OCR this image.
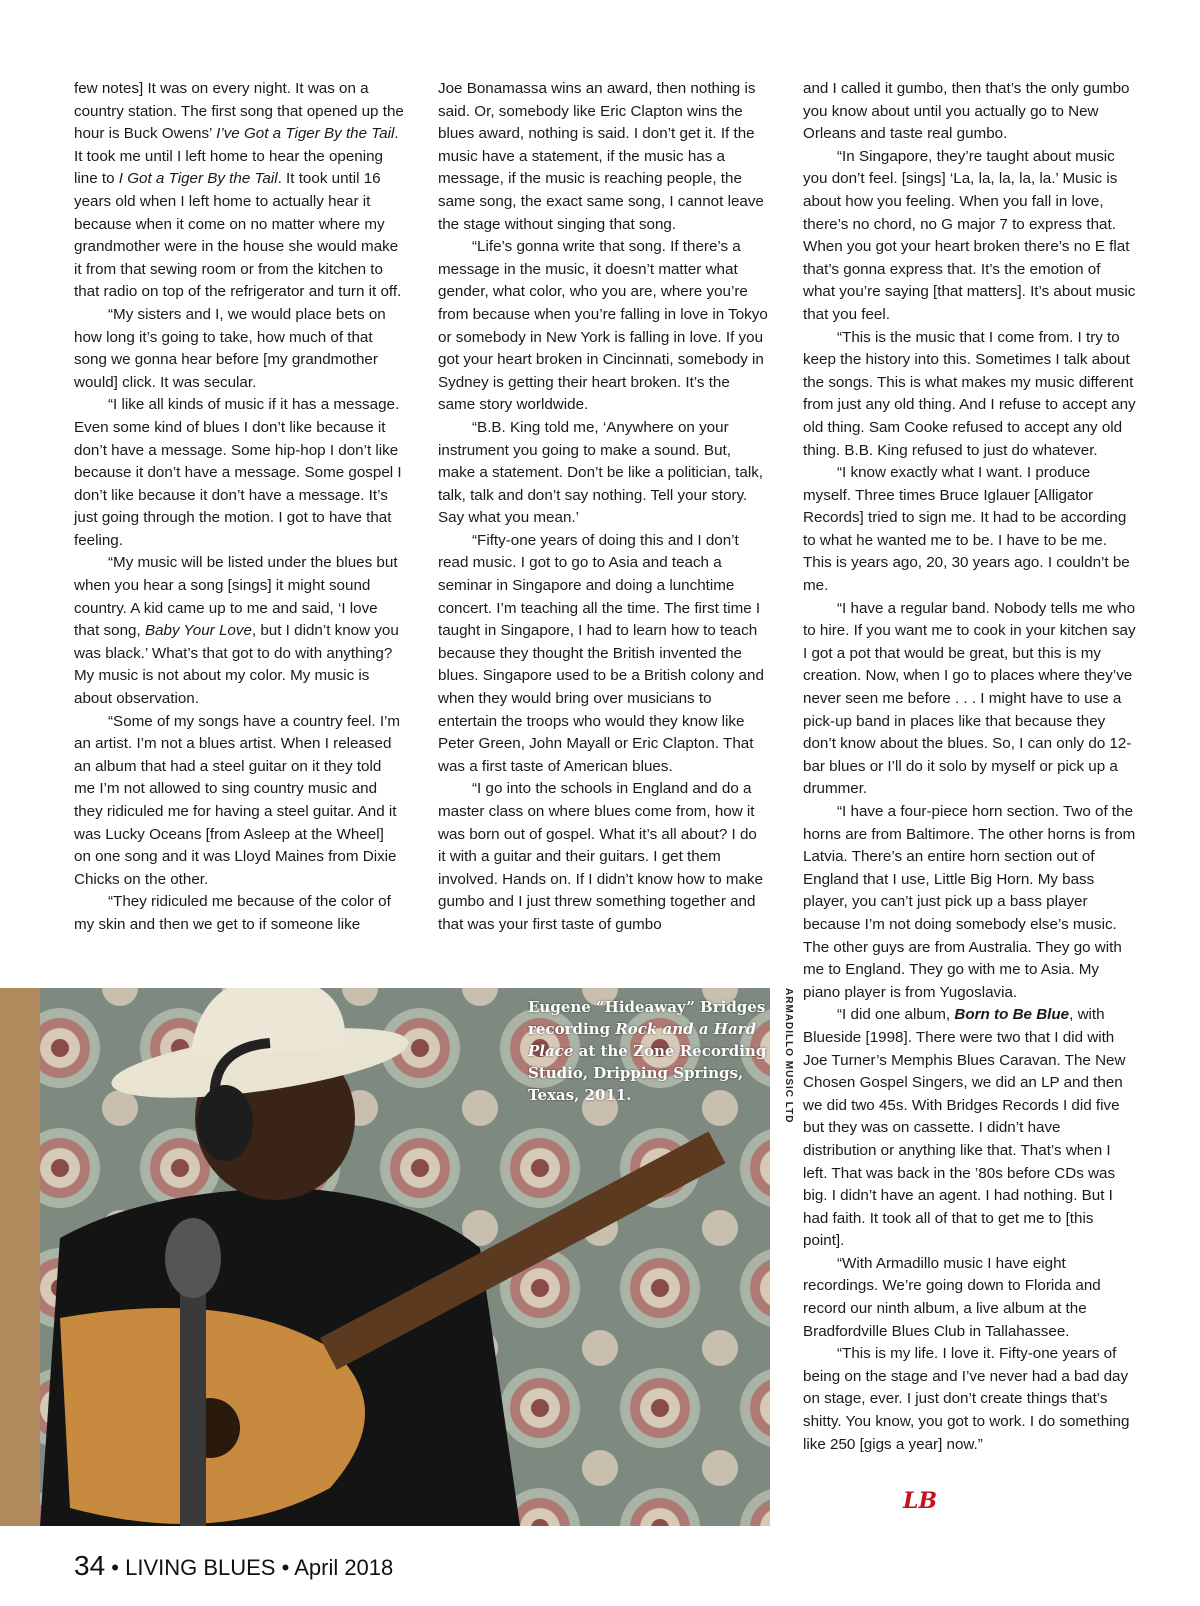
few notes] It was on every night. It was on a country station. The first song that opened up the hour is Buck Owens’ I’ve Got a Tiger By the Tail. It took me until I left home to hear the opening line to I Got a Tiger By the Tail. It took until 16 years old when I left home to actually hear it because when it come on no matter where my grandmother were in the house she would make it from that sewing room or from the kitchen to that radio on top of the refrigerator and turn it off.

“My sisters and I, we would place bets on how long it’s going to take, how much of that song we gonna hear before [my grandmother would] click. It was secular.

“I like all kinds of music if it has a message. Even some kind of blues I don’t like because it don’t have a message. Some hip-hop I don’t like because it don’t have a message. Some gospel I don’t like because it don’t have a message. It’s just going through the motion. I got to have that feeling.

“My music will be listed under the blues but when you hear a song [sings] it might sound country. A kid came up to me and said, ‘I love that song, Baby Your Love, but I didn’t know you was black.’ What’s that got to do with anything? My music is not about my color. My music is about observation.

“Some of my songs have a country feel. I’m an artist. I’m not a blues artist. When I released an album that had a steel guitar on it they told me I’m not allowed to sing country music and they ridiculed me for having a steel guitar. And it was Lucky Oceans [from Asleep at the Wheel] on one song and it was Lloyd Maines from Dixie Chicks on the other.

“They ridiculed me because of the color of my skin and then we get to if someone like

Joe Bonamassa wins an award, then nothing is said. Or, somebody like Eric Clapton wins the blues award, nothing is said. I don’t get it. If the music have a statement, if the music has a message, if the music is reaching people, the same song, the exact same song, I cannot leave the stage without singing that song.

“Life’s gonna write that song. If there’s a message in the music, it doesn’t matter what gender, what color, who you are, where you’re from because when you’re falling in love in Tokyo or somebody in New York is falling in love. If you got your heart broken in Cincinnati, somebody in Sydney is getting their heart broken. It’s the same story worldwide.

“B.B. King told me, ‘Anywhere on your instrument you going to make a sound. But, make a statement. Don’t be like a politician, talk, talk, talk and don’t say nothing. Tell your story. Say what you mean.’

“Fifty-one years of doing this and I don’t read music. I got to go to Asia and teach a seminar in Singapore and doing a lunchtime concert. I’m teaching all the time. The first time I taught in Singapore, I had to learn how to teach because they thought the British invented the blues. Singapore used to be a British colony and when they would bring over musicians to entertain the troops who would they know like Peter Green, John Mayall or Eric Clapton. That was a first taste of American blues.

“I go into the schools in England and do a master class on where blues come from, how it was born out of gospel. What it’s all about? I do it with a guitar and their guitars. I get them involved. Hands on. If I didn’t know how to make gumbo and I just threw something together and that was your first taste of gumbo

and I called it gumbo, then that’s the only gumbo you know about until you actually go to New Orleans and taste real gumbo.

“In Singapore, they’re taught about music you don’t feel. [sings] ‘La, la, la, la, la.’ Music is about how you feeling. When you fall in love, there’s no chord, no G major 7 to express that. When you got your heart broken there’s no E flat that’s gonna express that. It’s the emotion of what you’re saying [that matters]. It’s about music that you feel.

“This is the music that I come from. I try to keep the history into this. Sometimes I talk about the songs. This is what makes my music different from just any old thing. And I refuse to accept any old thing. Sam Cooke refused to accept any old thing. B.B. King refused to just do whatever.

“I know exactly what I want. I produce myself. Three times Bruce Iglauer [Alligator Records] tried to sign me. It had to be according to what he wanted me to be. I have to be me. This is years ago, 20, 30 years ago. I couldn’t be me.

“I have a regular band. Nobody tells me who to hire. If you want me to cook in your kitchen say I got a pot that would be great, but this is my creation. Now, when I go to places where they’ve never seen me before . . . I might have to use a pick-up band in places like that because they don’t know about the blues. So, I can only do 12-bar blues or I’ll do it solo by myself or pick up a drummer.

“I have a four-piece horn section. Two of the horns are from Baltimore. The other horns is from Latvia. There’s an entire horn section out of England that I use, Little Big Horn. My bass player, you can’t just pick up a bass player because I’m not doing somebody else’s music. The other guys are from Australia. They go with me to England. They go with me to Asia. My piano player is from Yugoslavia.

“I did one album, Born to Be Blue, with Blueside [1998]. There were two that I did with Joe Turner’s Memphis Blues Caravan. The New Chosen Gospel Singers, we did an LP and then we did two 45s. With Bridges Records I did five but they was on cassette. I didn’t have distribution or anything like that. That’s when I left. That was back in the ’80s before CDs was big. I didn’t have an agent. I had nothing. But I had faith. It took all of that to get me to [this point].

“With Armadillo music I have eight recordings. We’re going down to Florida and record our ninth album, a live album at the Bradfordville Blues Club in Tallahassee.

“This is my life. I love it. Fifty-one years of being on the stage and I’ve never had a bad day on stage, ever. I just don’t create things that’s shitty. You know, you got to work. I do something like 250 [gigs a year] now.”

Eugene “Hideaway” Bridges recording Rock and a Hard Place at the Zone Recording Studio, Dripping Springs, Texas, 2011.	ARMADILLO MUSIC LTD
LB
34 • LIVING BLUES • April 2018
